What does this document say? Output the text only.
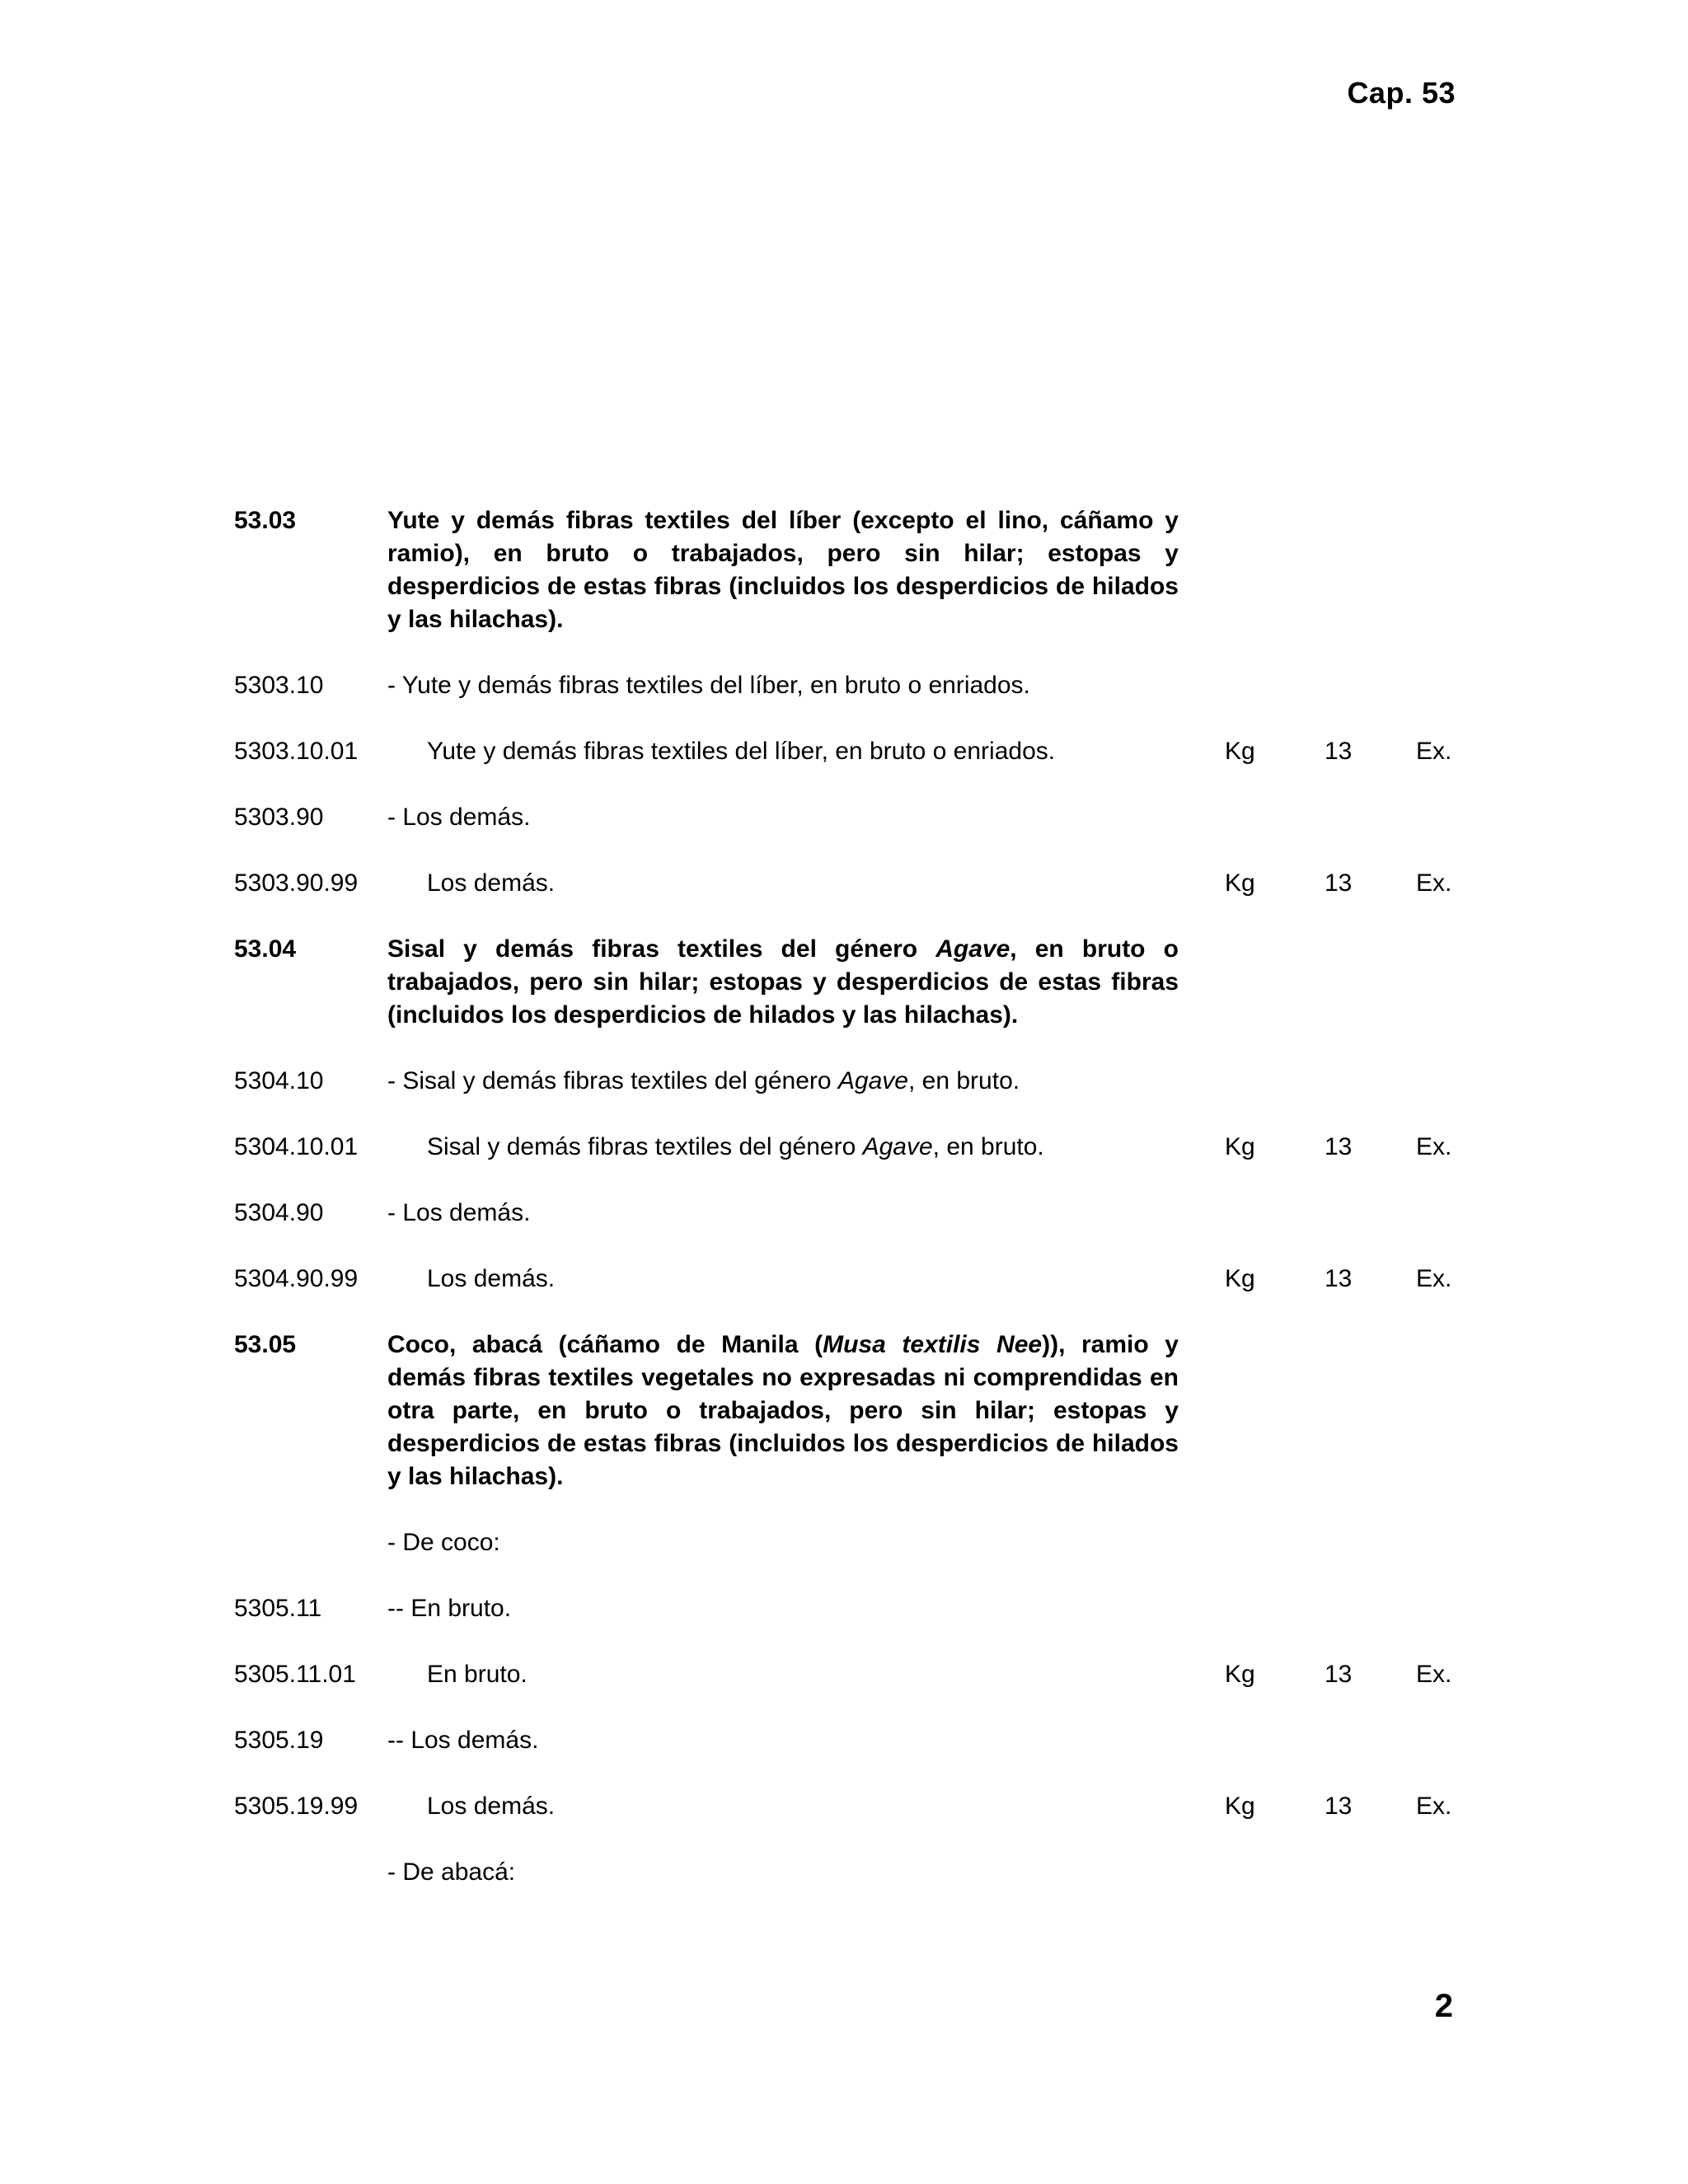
Cap. 53
53.03	Yute y demás fibras textiles del líber (excepto el lino, cáñamo y ramio), en bruto o trabajados, pero sin hilar; estopas y desperdicios de estas fibras (incluidos los desperdicios de hilados y las hilachas).
5303.10	- Yute y demás fibras textiles del líber, en bruto o enriados.
5303.10.01	Yute y demás fibras textiles del líber, en bruto o enriados.	Kg	13	Ex.
5303.90	- Los demás.
5303.90.99	Los demás.	Kg	13	Ex.
53.04	Sisal y demás fibras textiles del género Agave, en bruto o trabajados, pero sin hilar; estopas y desperdicios de estas fibras (incluidos los desperdicios de hilados y las hilachas).
5304.10	- Sisal y demás fibras textiles del género Agave, en bruto.
5304.10.01	Sisal y demás fibras textiles del género Agave, en bruto.	Kg	13	Ex.
5304.90	- Los demás.
5304.90.99	Los demás.	Kg	13	Ex.
53.05	Coco, abacá (cáñamo de Manila (Musa textilis Nee)), ramio y demás fibras textiles vegetales no expresadas ni comprendidas en otra parte, en bruto o trabajados, pero sin hilar; estopas y desperdicios de estas fibras (incluidos los desperdicios de hilados y las hilachas).
- De coco:
5305.11	-- En bruto.
5305.11.01	En bruto.	Kg	13	Ex.
5305.19	-- Los demás.
5305.19.99	Los demás.	Kg	13	Ex.
- De abacá:
2
